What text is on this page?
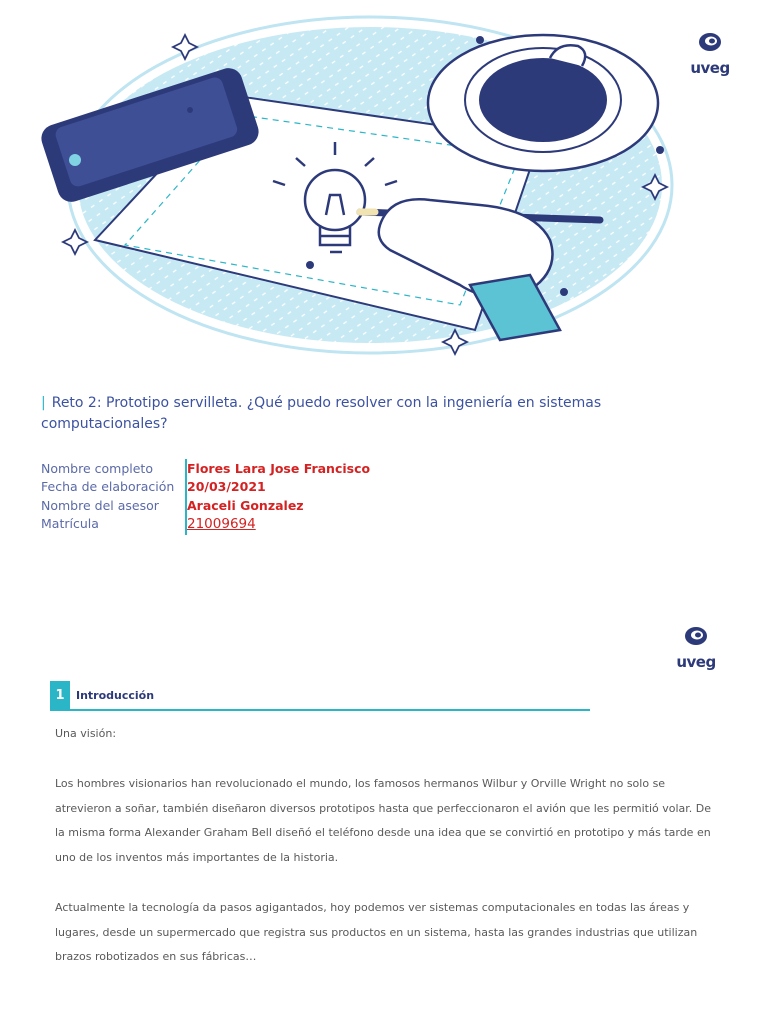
uveg
| Reto 2: Prototipo servilleta. ¿Qué puedo resolver con la ingeniería en sistemas computacionales?
Nombre completo	Flores Lara Jose Francisco
Fecha de elaboración	20/03/2021
Nombre del asesor	Araceli Gonzalez
Matrícula	21009694
uveg
1	Introducción
Una visión:
Los hombres visionarios han revolucionado el mundo, los famosos hermanos Wilbur y Orville Wright no solo se atrevieron a soñar, también diseñaron diversos prototipos hasta que perfeccionaron el avión que les permitió volar. De la misma forma Alexander Graham Bell diseñó el teléfono desde una idea que se convirtió en prototipo y más tarde en uno de los inventos más importantes de la historia.
Actualmente la tecnología da pasos agigantados, hoy podemos ver sistemas computacionales en todas las áreas y lugares, desde un supermercado que registra sus productos en un sistema, hasta las grandes industrias que utilizan brazos robotizados en sus fábricas…
